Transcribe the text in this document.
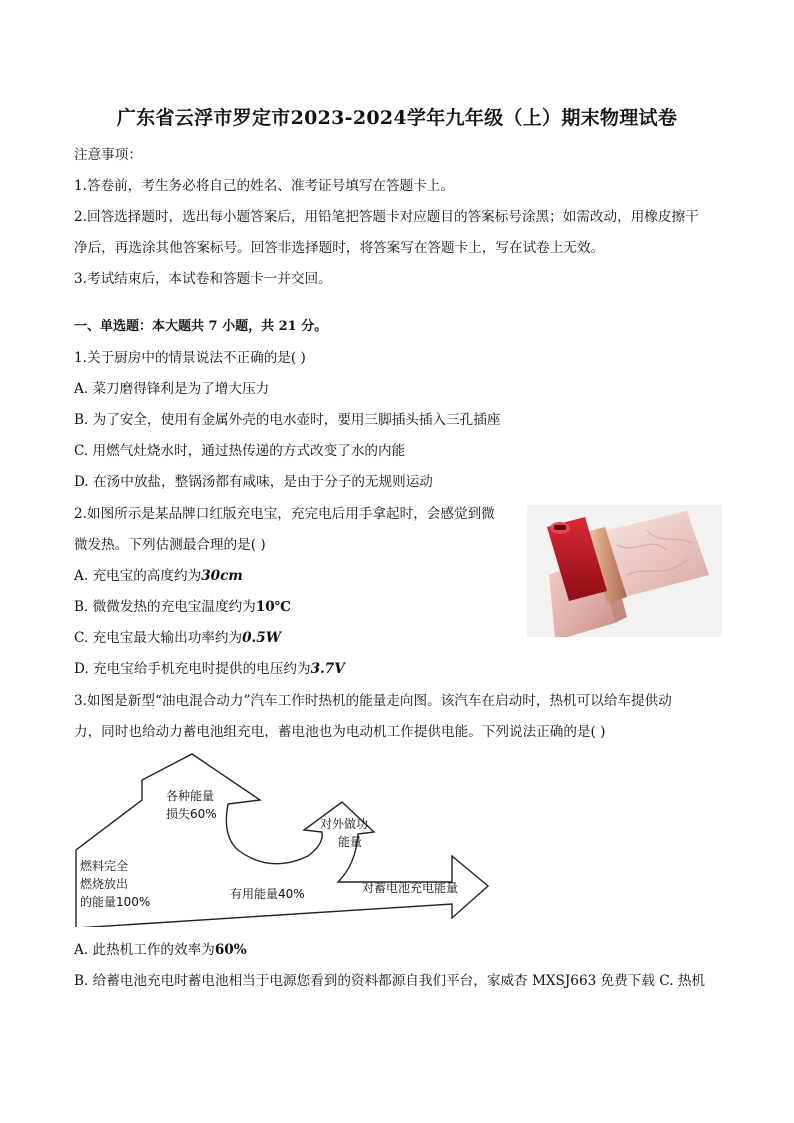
广东省云浮市罗定市2023-2024学年九年级（上）期末物理试卷
注意事项：
1.答卷前，考生务必将自己的姓名、准考证号填写在答题卡上。
2.回答选择题时，选出每小题答案后，用铅笔把答题卡对应题目的答案标号涂黑；如需改动，用橡皮擦干
净后，再选涂其他答案标号。回答非选择题时，将答案写在答题卡上，写在试卷上无效。
3.考试结束后，本试卷和答题卡一并交回。
一、单选题：本大题共 7 小题，共 21 分。
1.关于厨房中的情景说法不正确的是( )
A. 菜刀磨得锋利是为了增大压力
B. 为了安全，使用有金属外壳的电水壶时，要用三脚插头插入三孔插座
C. 用燃气灶烧水时，通过热传递的方式改变了水的内能
D. 在汤中放盐，整锅汤都有咸味，是由于分子的无规则运动
2.如图所示是某品牌口红版充电宝，充完电后用手拿起时，会感觉到微
微发热。下列估测最合理的是( )
A. 充电宝的高度约为30cm
B. 微微发热的充电宝温度约为10℃
C. 充电宝最大输出功率约为0.5W
D. 充电宝给手机充电时提供的电压约为3.7V
3.如图是新型“油电混合动力”汽车工作时热机的能量走向图。该汽车在启动时，热机可以给车提供动
力，同时也给动力蓄电池组充电，蓄电池也为电动机工作提供电能。下列说法正确的是( )
燃料完全
燃烧放出
的能量100%
各种能量
损失60%
有用能量40%
对外做功
能量
对蓄电池充电能量
A. 此热机工作的效率为60%
B. 给蓄电池充电时蓄电池相当于电源您看到的资料都源自我们平台，家威杏 MXSJ663 免费下载 C. 热机
